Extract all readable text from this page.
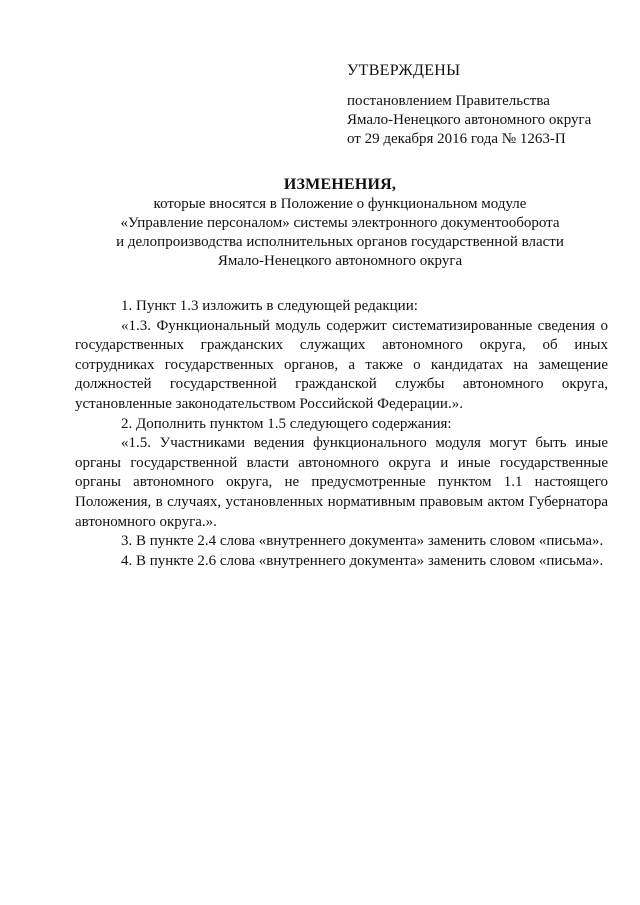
УТВЕРЖДЕНЫ
постановлением Правительства
Ямало-Ненецкого автономного округа
от 29 декабря 2016 года № 1263-П
ИЗМЕНЕНИЯ,
которые вносятся в Положение о функциональном модуле
«Управление персоналом» системы электронного документооборота
и делопроизводства исполнительных органов государственной власти
Ямало-Ненецкого автономного округа

1. Пункт 1.3 изложить в следующей редакции:

«1.3. Функциональный модуль содержит систематизированные сведения о государственных гражданских служащих автономного округа, об иных сотрудниках государственных органов, а также о кандидатах на замещение должностей государственной гражданской службы автономного округа, установленные законодательством Российской Федерации.».

2. Дополнить пунктом 1.5 следующего содержания:

«1.5. Участниками ведения функционального модуля могут быть иные органы государственной власти автономного округа и иные государственные органы автономного округа, не предусмотренные пунктом 1.1 настоящего Положения, в случаях, установленных нормативным правовым актом Губернатора автономного округа.».

3. В пункте 2.4 слова «внутреннего документа» заменить словом «письма».

4. В пункте 2.6 слова «внутреннего документа» заменить словом «письма».
